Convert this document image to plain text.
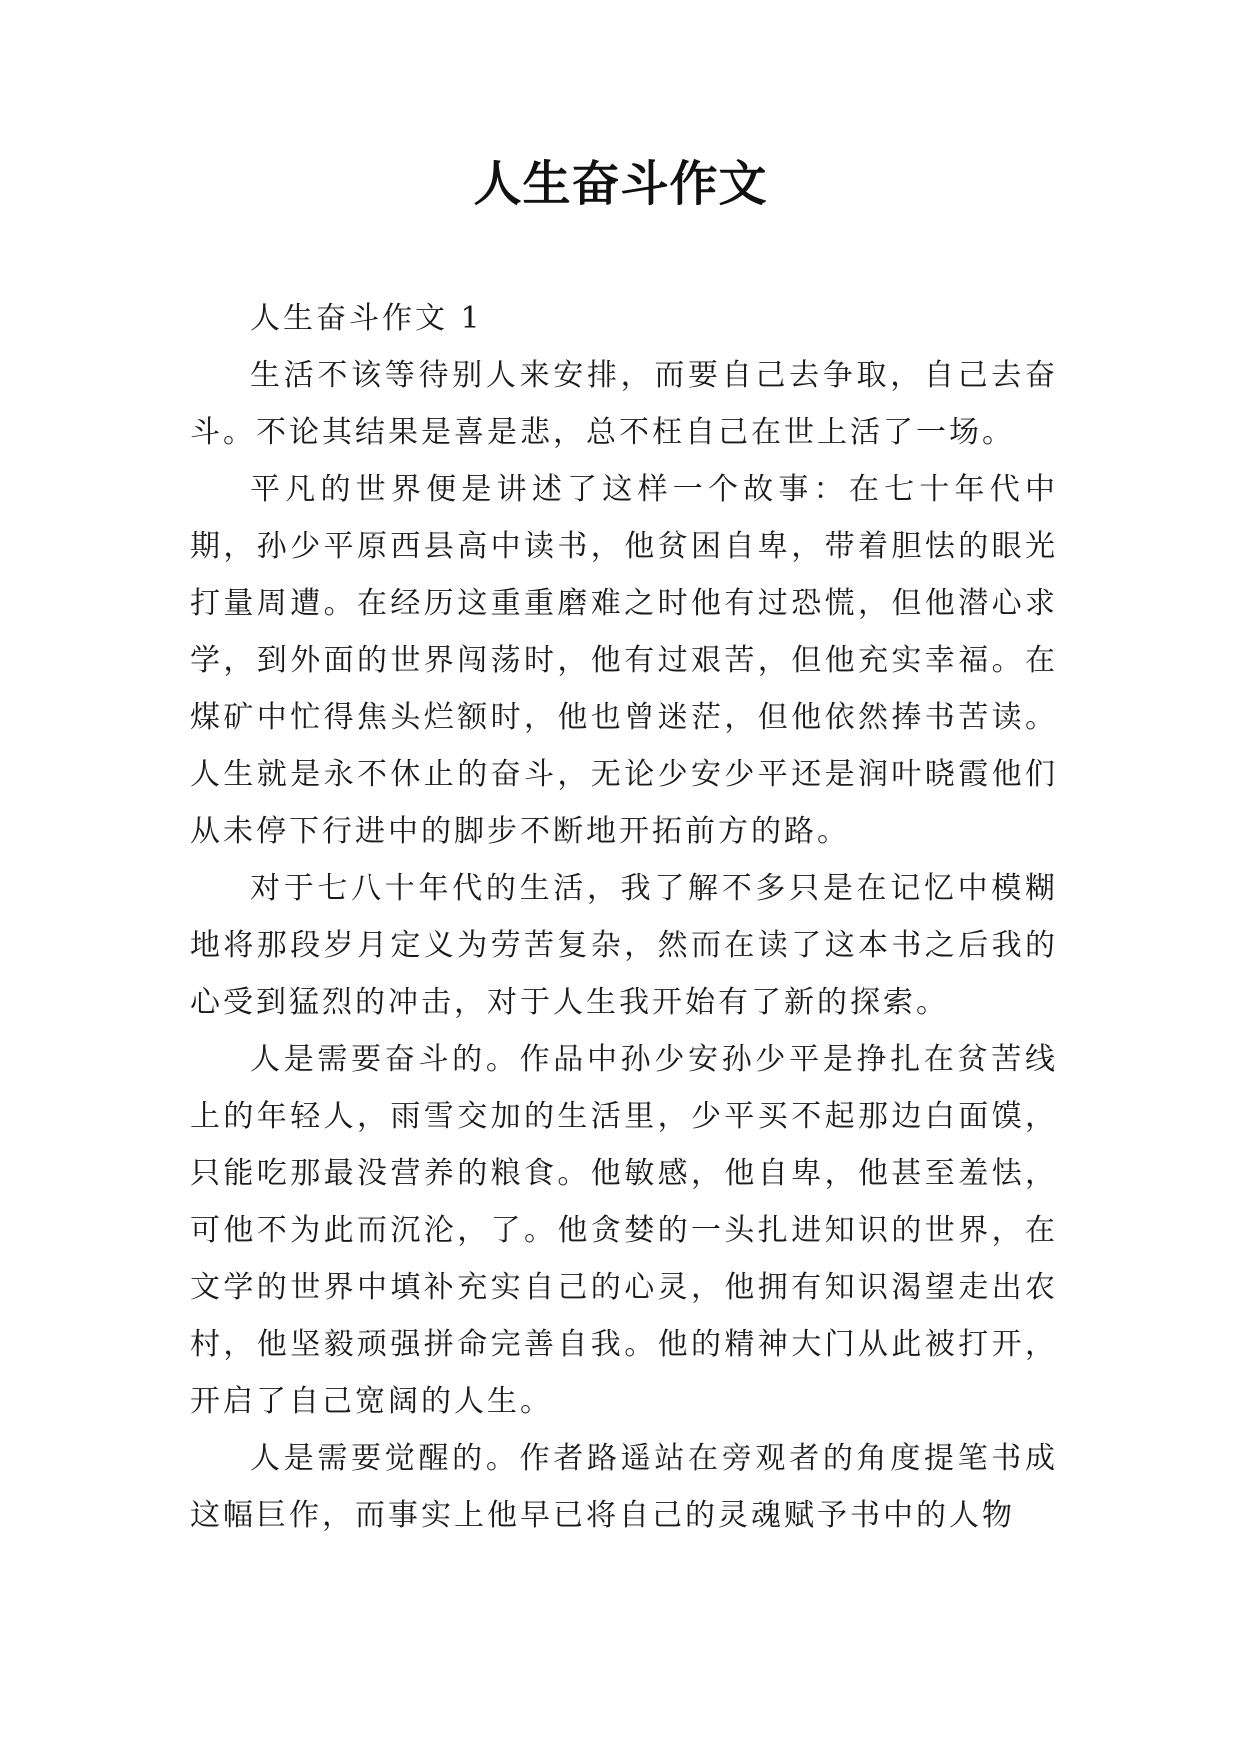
人生奋斗作文

人生奋斗作文 1

生活不该等待别人来安排，而要自己去争取，自己去奋斗。不论其结果是喜是悲，总不枉自己在世上活了一场。

平凡的世界便是讲述了这样一个故事：在七十年代中期，孙少平原西县高中读书，他贫困自卑，带着胆怯的眼光打量周遭。在经历这重重磨难之时他有过恐慌，但他潜心求学，到外面的世界闯荡时，他有过艰苦，但他充实幸福。在煤矿中忙得焦头烂额时，他也曾迷茫，但他依然捧书苦读。人生就是永不休止的奋斗，无论少安少平还是润叶晓霞他们从未停下行进中的脚步不断地开拓前方的路。

对于七八十年代的生活，我了解不多只是在记忆中模糊地将那段岁月定义为劳苦复杂，然而在读了这本书之后我的心受到猛烈的冲击，对于人生我开始有了新的探索。

人是需要奋斗的。作品中孙少安孙少平是挣扎在贫苦线上的年轻人，雨雪交加的生活里，少平买不起那边白面馍，只能吃那最没营养的粮食。他敏感，他自卑，他甚至羞怯，可他不为此而沉沦，了。他贪婪的一头扎进知识的世界，在文学的世界中填补充实自己的心灵，他拥有知识渴望走出农村，他坚毅顽强拼命完善自我。他的精神大门从此被打开，开启了自己宽阔的人生。

人是需要觉醒的。作者路遥站在旁观者的角度提笔书成这幅巨作，而事实上他早已将自己的灵魂赋予书中的人物
